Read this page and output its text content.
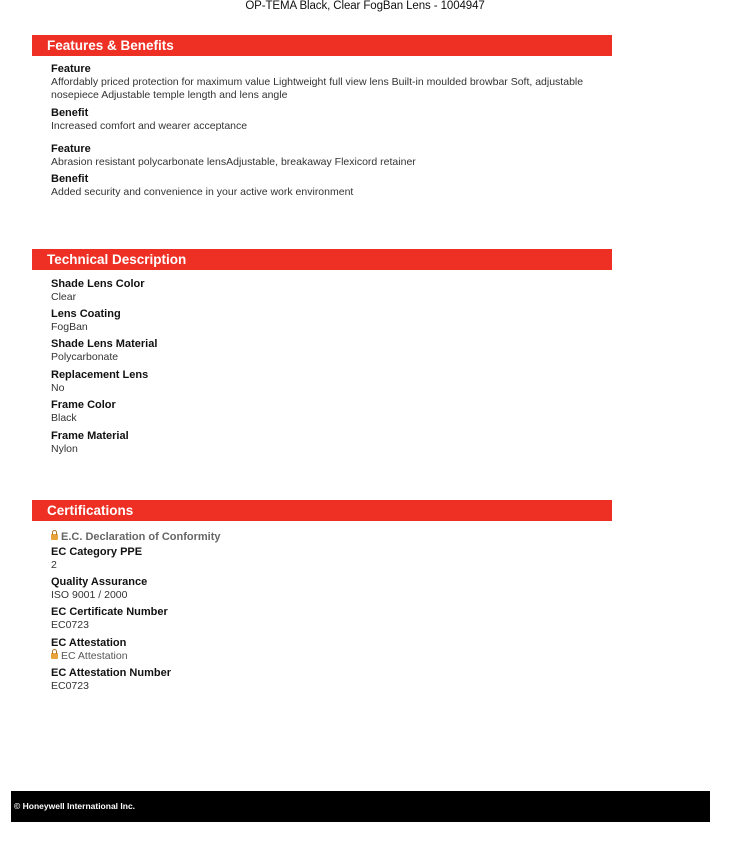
OP-TEMA Black, Clear FogBan Lens - 1004947
Features & Benefits
Feature
Affordably priced protection for maximum value Lightweight full view lens Built-in moulded browbar Soft, adjustable nosepiece Adjustable temple length and lens angle
Benefit
Increased comfort and wearer acceptance
Feature
Abrasion resistant polycarbonate lensAdjustable, breakaway Flexicord retainer
Benefit
Added security and convenience in your active work environment
Technical Description
Shade Lens Color
Clear
Lens Coating
FogBan
Shade Lens Material
Polycarbonate
Replacement Lens
No
Frame Color
Black
Frame Material
Nylon
Certifications
E.C. Declaration of Conformity
EC Category PPE
2
Quality Assurance
ISO 9001 / 2000
EC Certificate Number
EC0723
EC Attestation
EC Attestation
EC Attestation Number
EC0723
© Honeywell International Inc.
